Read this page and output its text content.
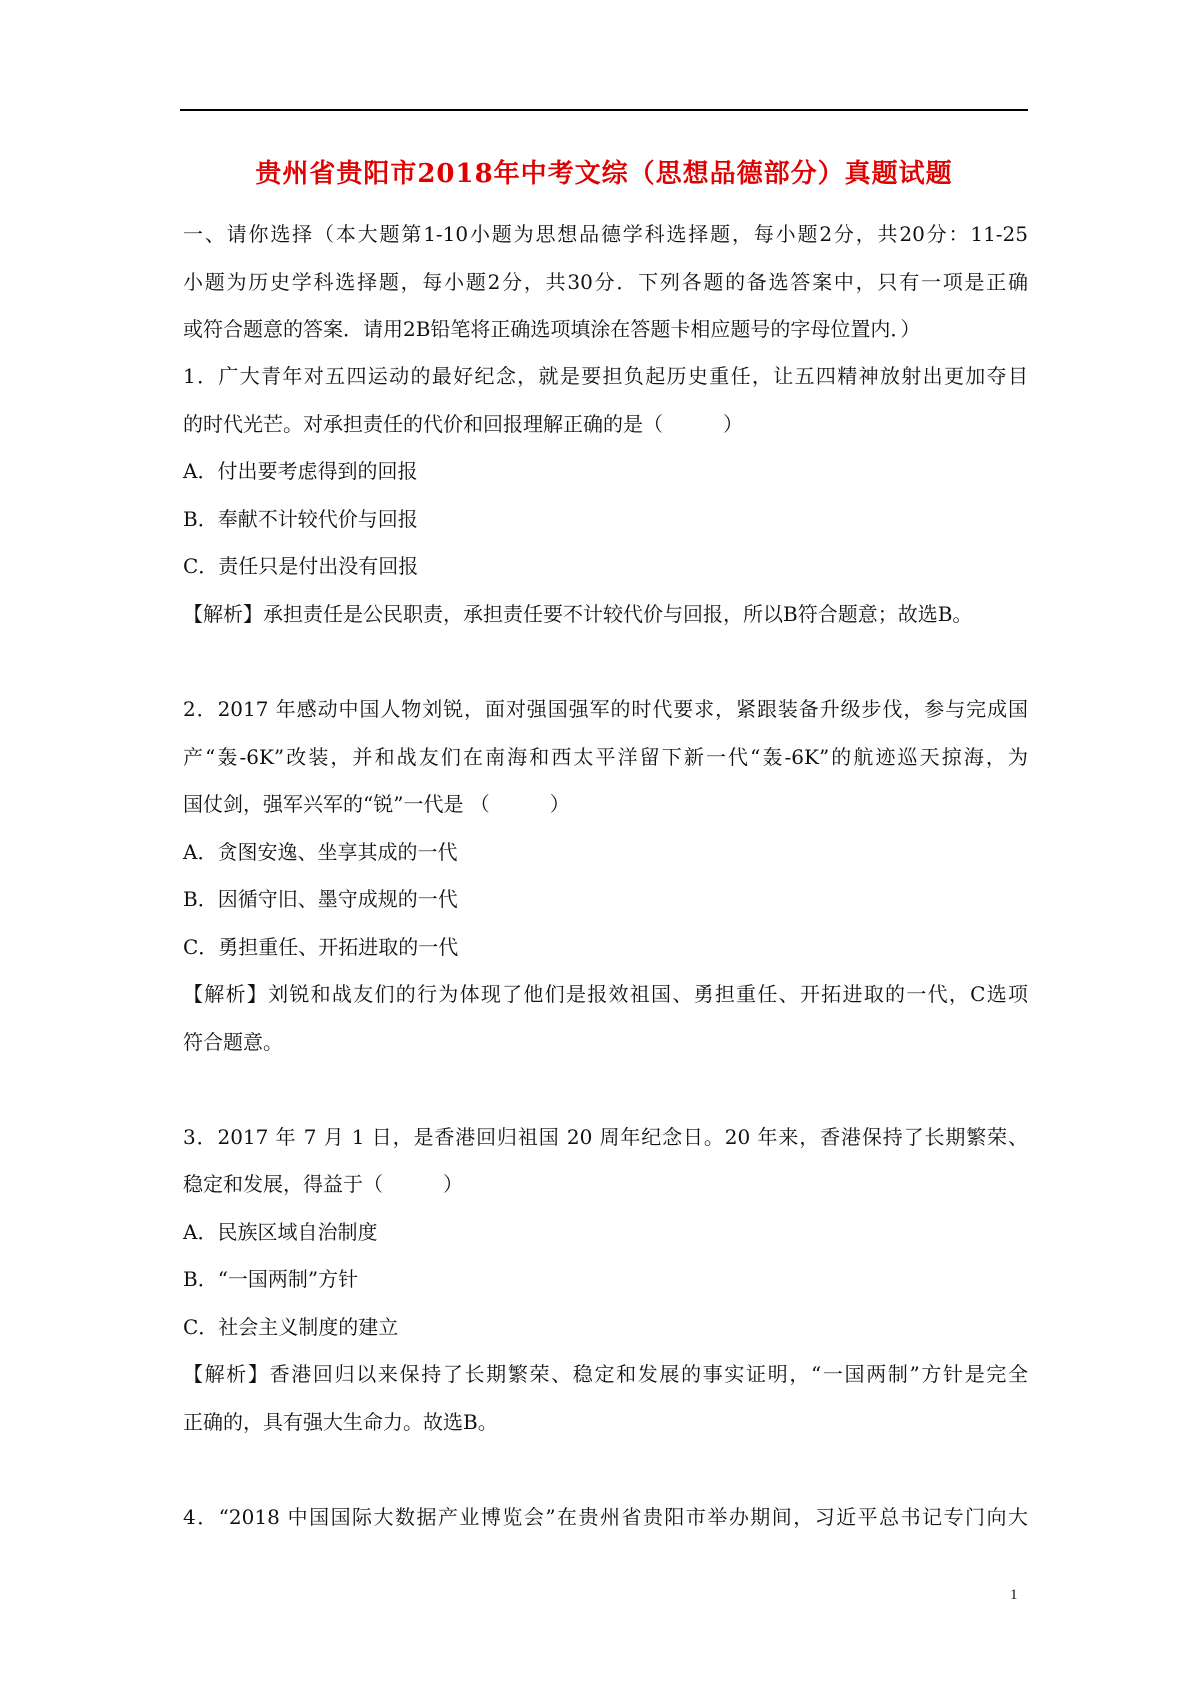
贵州省贵阳市2018年中考文综（思想品德部分）真题试题
一、请你选择（本大题第1-10小题为思想品德学科选择题，每小题2分，共20分：11-25
小题为历史学科选择题，每小题2分，共30分．下列各题的备选答案中，只有一项是正确
或符合题意的答案．请用2B铅笔将正确选项填涂在答题卡相应题号的字母位置内．）
1．广大青年对五四运动的最好纪念，就是要担负起历史重任，让五四精神放射出更加夺目
的时代光芒。对承担责任的代价和回报理解正确的是（　　　）
A．付出要考虑得到的回报
B．奉献不计较代价与回报
C．责任只是付出没有回报
【解析】承担责任是公民职责，承担责任要不计较代价与回报，所以B符合题意；故选B。
2．2017 年感动中国人物刘锐，面对强国强军的时代要求，紧跟装备升级步伐，参与完成国
产“轰-6K”改装，并和战友们在南海和西太平洋留下新一代“轰-6K”的航迹巡天掠海，为
国仗剑，强军兴军的“锐”一代是 （　　　）
A．贪图安逸、坐享其成的一代
B．因循守旧、墨守成规的一代
C．勇担重任、开拓进取的一代
【解析】刘锐和战友们的行为体现了他们是报效祖国、勇担重任、开拓进取的一代，C选项
符合题意。
3．2017 年 7 月 1 日，是香港回归祖国 20 周年纪念日。20 年来，香港保持了长期繁荣、
稳定和发展，得益于（　　　）
A．民族区域自治制度
B．“一国两制”方针
C．社会主义制度的建立
【解析】香港回归以来保持了长期繁荣、稳定和发展的事实证明，“一国两制”方针是完全
正确的，具有强大生命力。故选B。
4．“2018 中国国际大数据产业博览会”在贵州省贵阳市举办期间，习近平总书记专门向大
1
